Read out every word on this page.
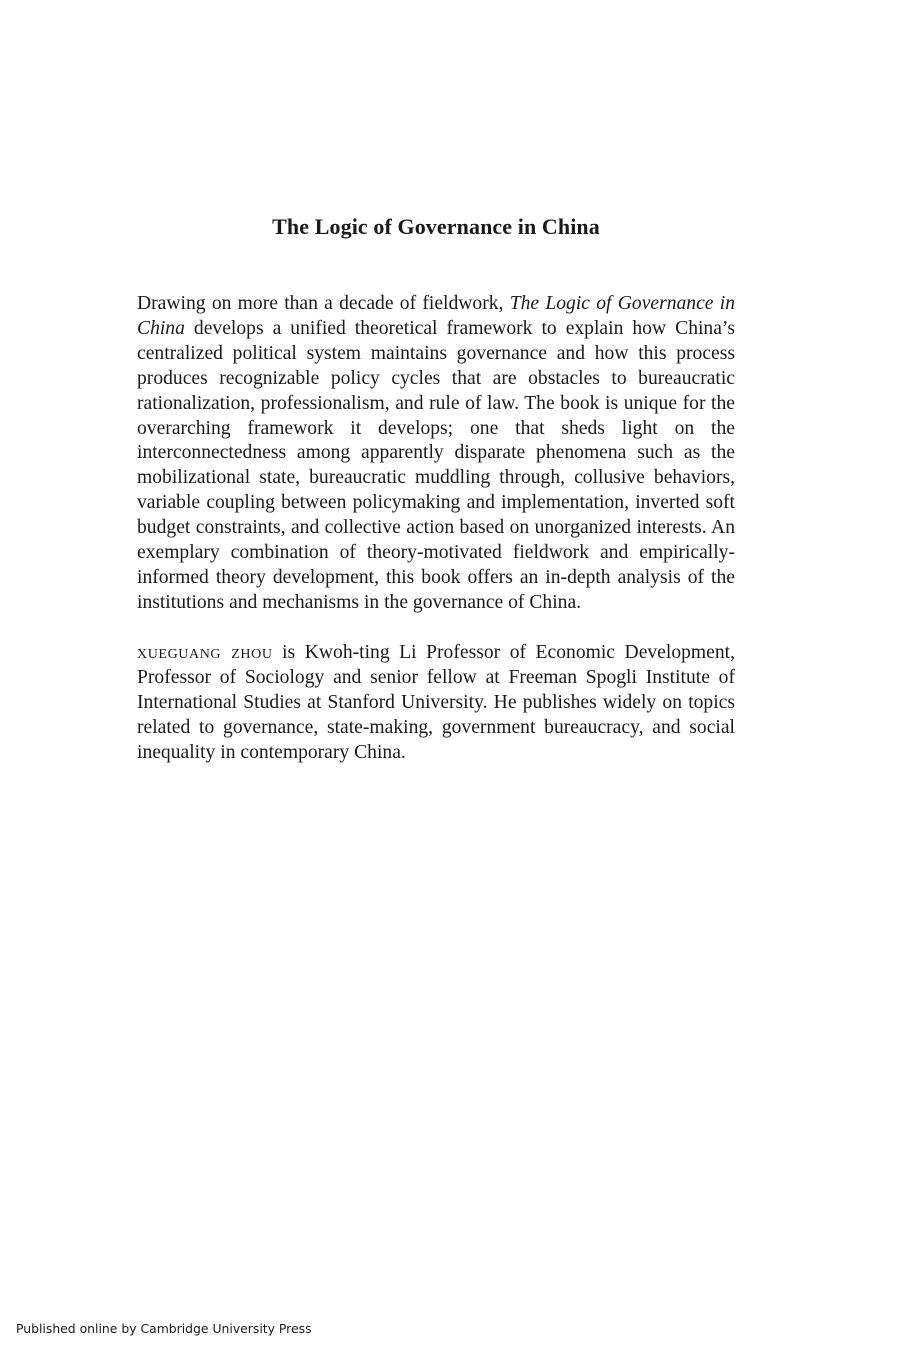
The Logic of Governance in China

Drawing on more than a decade of fieldwork, The Logic of Governance in China develops a unified theoretical framework to explain how China’s centralized political system maintains governance and how this process produces recognizable policy cycles that are obstacles to bureaucratic rationalization, professionalism, and rule of law. The book is unique for the overarching framework it develops; one that sheds light on the interconnectedness among apparently disparate phenomena such as the mobilizational state, bureaucratic muddling through, collusive behaviors, variable coupling between policymaking and implementation, inverted soft budget constraints, and collective action based on unorganized interests. An exemplary combination of theory-motivated fieldwork and empirically-informed theory development, this book offers an in-depth analysis of the institutions and mechanisms in the governance of China.

xueguang zhou is Kwoh-ting Li Professor of Economic Development, Professor of Sociology and senior fellow at Freeman Spogli Institute of International Studies at Stanford University. He publishes widely on topics related to governance, state-making, government bureaucracy, and social inequality in contemporary China.

Published online by Cambridge University Press
